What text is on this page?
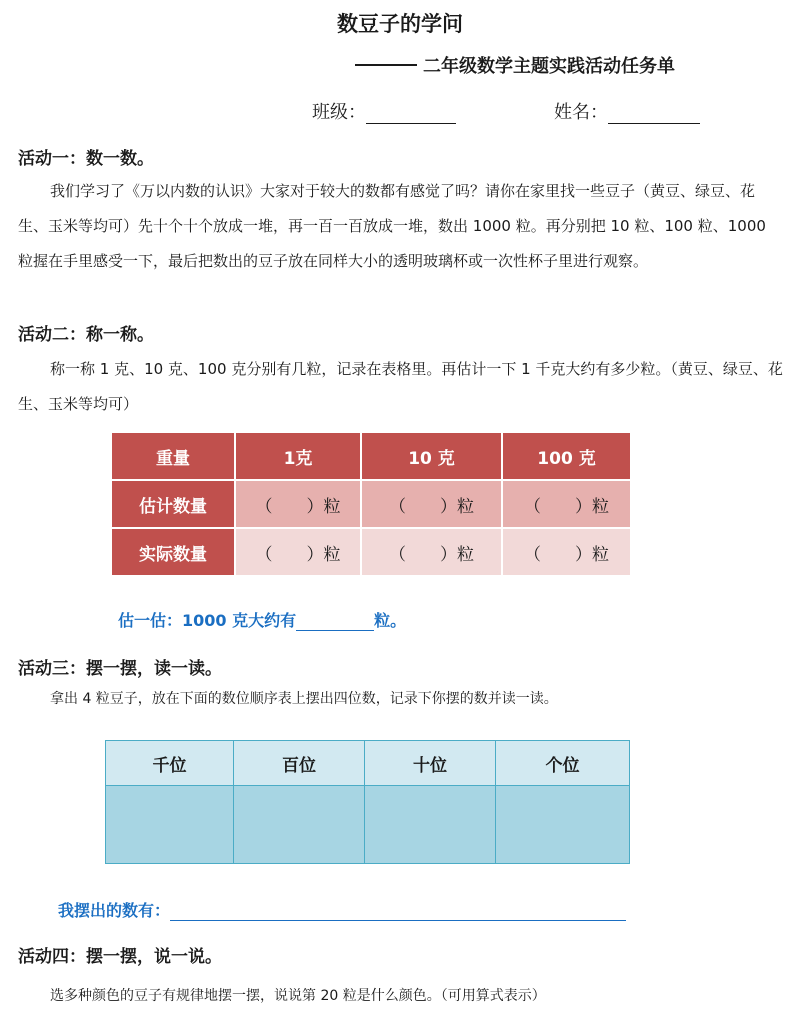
数豆子的学问
二年级数学主题实践活动任务单
班级：	姓名：
活动一：数一数。
我们学习了《万以内数的认识》大家对于较大的数都有感觉了吗？请你在家里找一些豆子（黄豆、绿豆、花生、玉米等均可）先十个十个放成一堆，再一百一百放成一堆，数出 1000 粒。再分别把 10 粒、100 粒、1000 粒握在手里感受一下，最后把数出的豆子放在同样大小的透明玻璃杯或一次性杯子里进行观察。
活动二：称一称。
称一称 1 克、10 克、100 克分别有几粒，记录在表格里。再估计一下 1 千克大约有多少粒。（黄豆、绿豆、花生、玉米等均可）
重量	1克	10 克	100 克
估计数量	（　　）粒	（　　）粒	（　　）粒
实际数量	（　　）粒	（　　）粒	（　　）粒
估一估：1000 克大约有	粒。
活动三：摆一摆，读一读。
拿出 4 粒豆子，放在下面的数位顺序表上摆出四位数，记录下你摆的数并读一读。
千位	百位	十位	个位

我摆出的数有：
活动四：摆一摆，说一说。
选多种颜色的豆子有规律地摆一摆，说说第 20 粒是什么颜色。（可用算式表示）
